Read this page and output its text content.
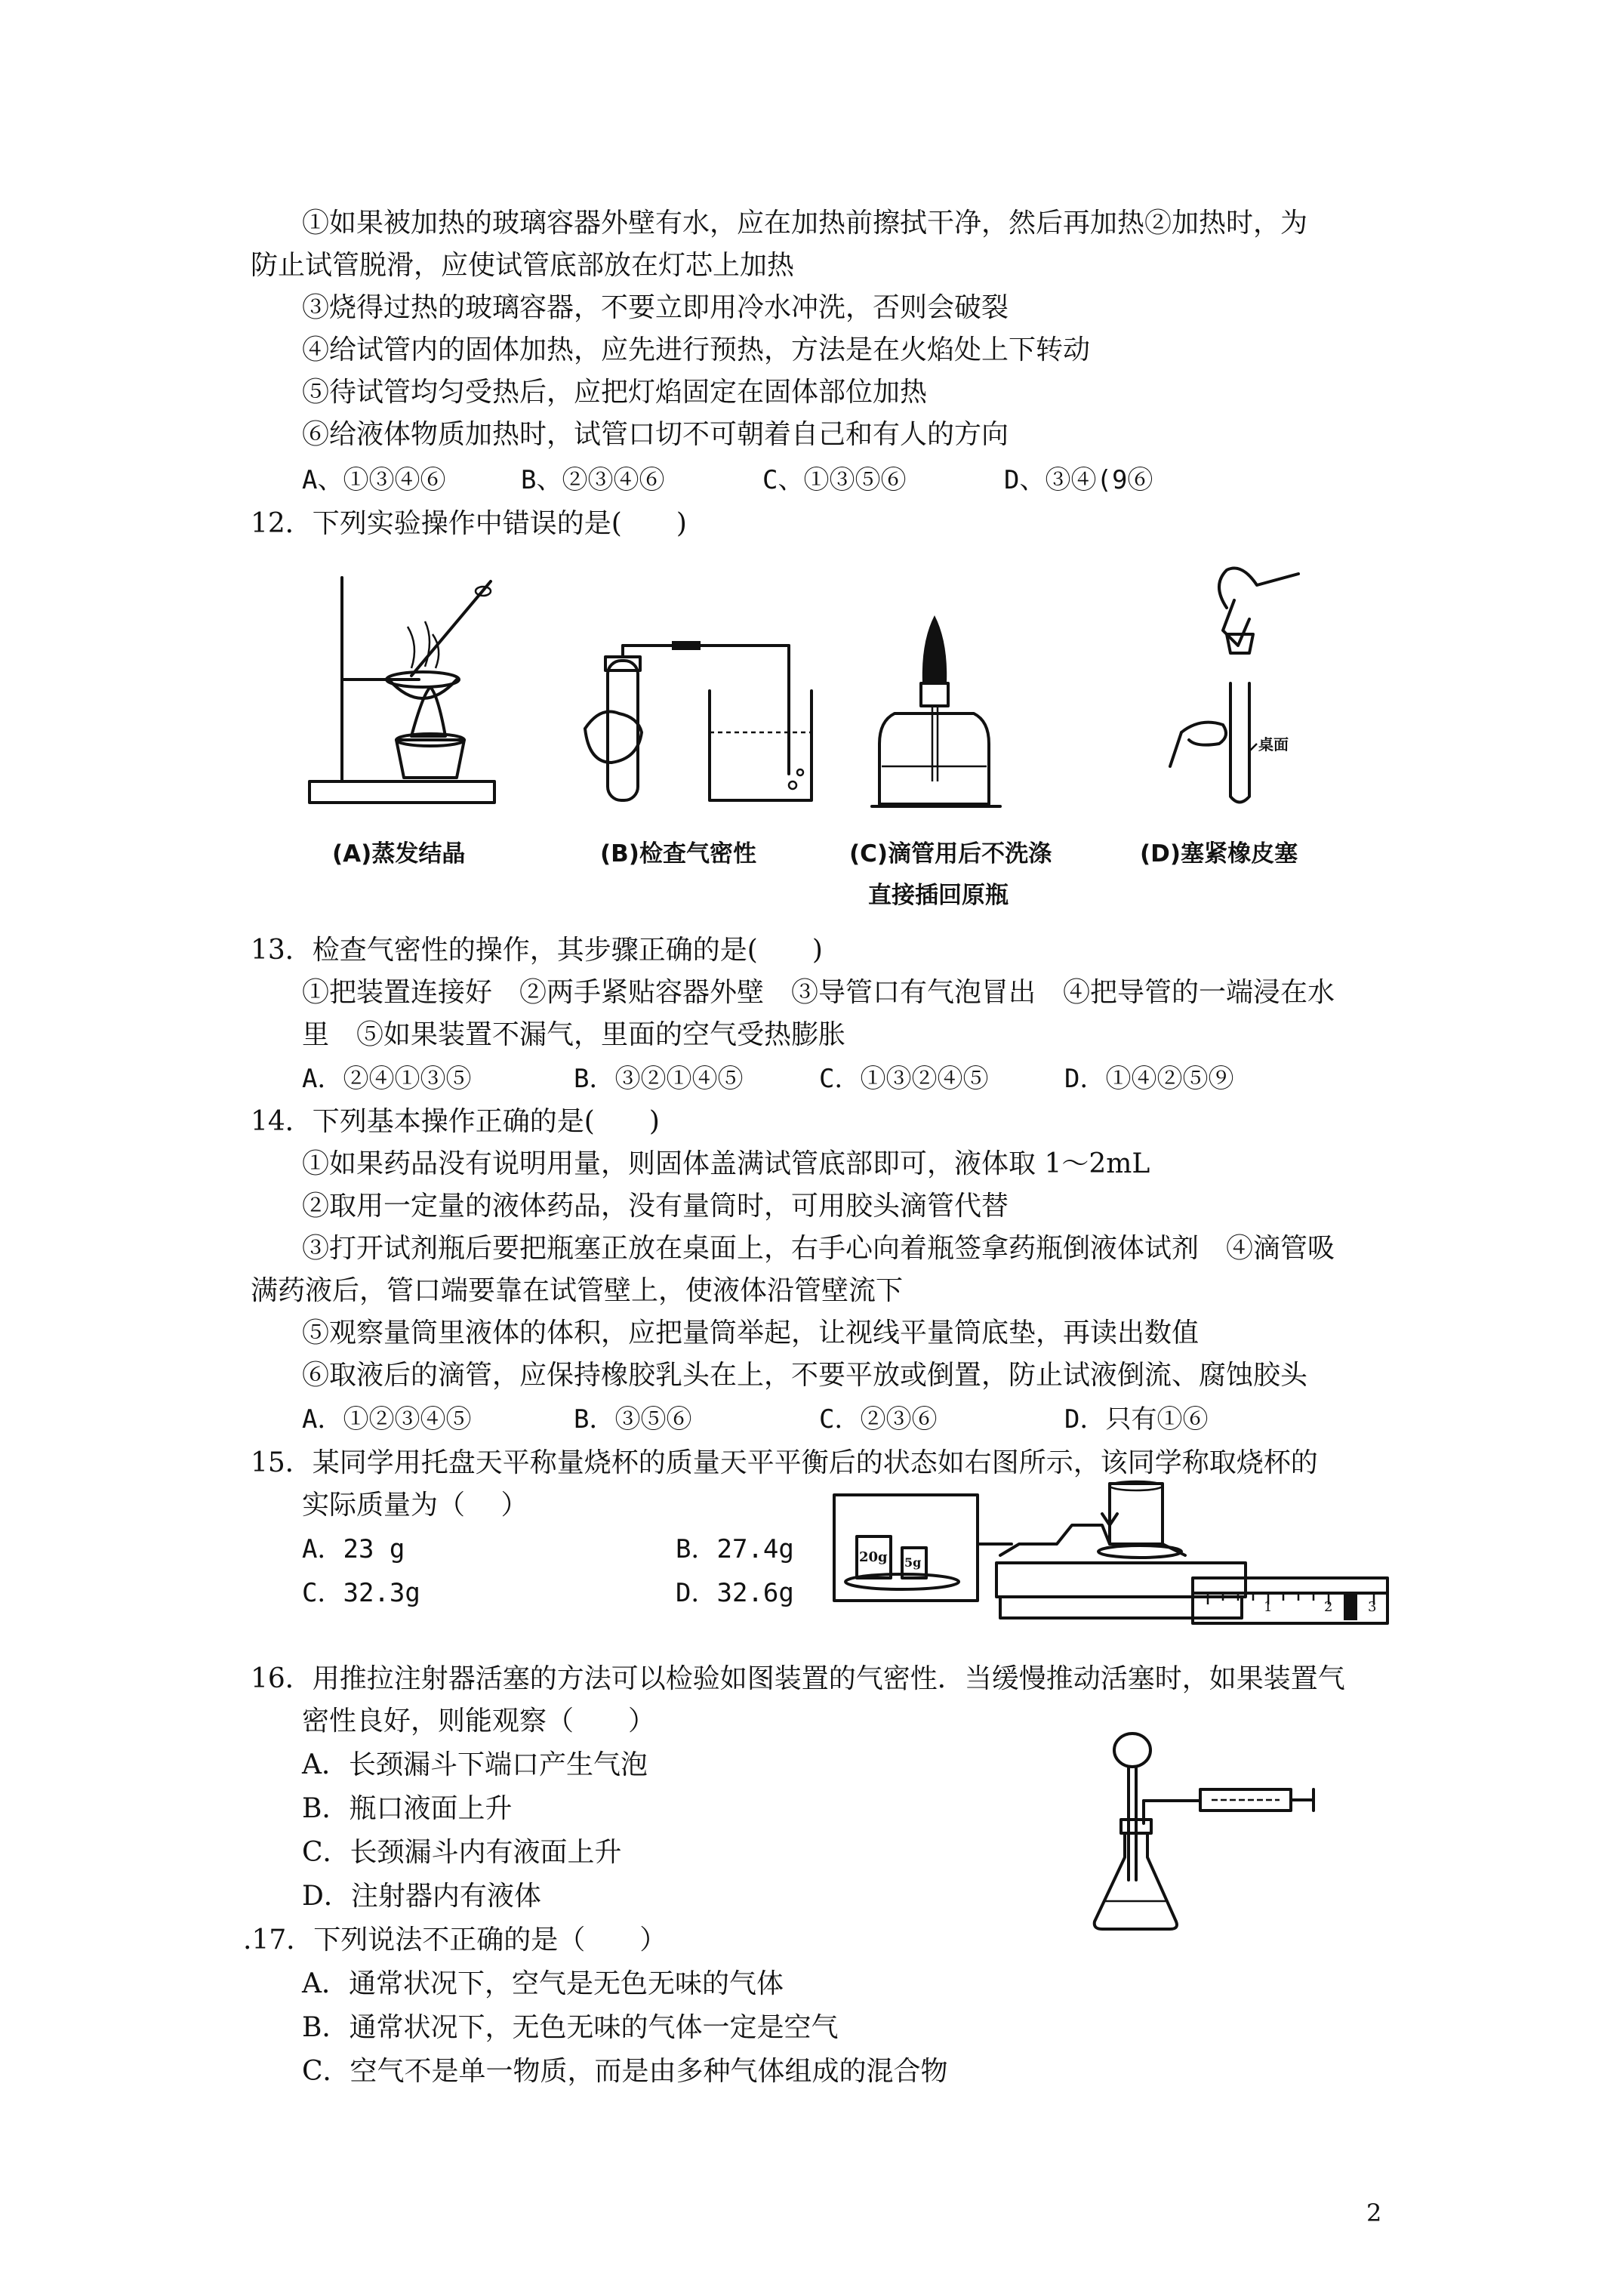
①如果被加热的玻璃容器外壁有水，应在加热前擦拭干净，然后再加热②加热时，为
防止试管脱滑，应使试管底部放在灯芯上加热
③烧得过热的玻璃容器，不要立即用冷水冲洗，否则会破裂
④给试管内的固体加热，应先进行预热，方法是在火焰处上下转动
⑤待试管均匀受热后，应把灯焰固定在固体部位加热
⑥给液体物质加热时，试管口切不可朝着自己和有人的方向
A、①③④⑥	B、②③④⑥	C、①③⑤⑥	D、③④(9⑥
12．下列实验操作中错误的是(　　)
桌面
(A)蒸发结晶	(B)检查气密性	(C)滴管用后不洗涤
直接插回原瓶
(D)塞紧橡皮塞
13．检查气密性的操作，其步骤正确的是(　　)
①把装置连接好　②两手紧贴容器外壁　③导管口有气泡冒出　④把导管的一端浸在水
里　⑤如果装置不漏气，里面的空气受热膨胀
A．②④①③⑤	B．③②①④⑤	C．①③②④⑤	D．①④②⑤⑨
14．下列基本操作正确的是(　　)
①如果药品没有说明用量，则固体盖满试管底部即可，液体取 1～2mL
②取用一定量的液体药品，没有量筒时，可用胶头滴管代替
③打开试剂瓶后要把瓶塞正放在桌面上，右手心向着瓶签拿药瓶倒液体试剂　④滴管吸
满药液后，管口端要靠在试管壁上，使液体沿管壁流下
⑤观察量筒里液体的体积，应把量筒举起，让视线平量筒底垫，再读出数值
⑥取液后的滴管，应保持橡胶乳头在上，不要平放或倒置，防止试液倒流、腐蚀胶头
A．①②③④⑤	B．③⑤⑥	C．②③⑥	D．只有①⑥
15．某同学用托盘天平称量烧杯的质量天平平衡后的状态如右图所示，该同学称取烧杯的
实际质量为（　 ）
A．23 g	B．27.4g
C．32.3g	D．32.6g
20g 5g
1	2	3
16．用推拉注射器活塞的方法可以检验如图装置的气密性．当缓慢推动活塞时，如果装置气
密性良好，则能观察（　　）
A．长颈漏斗下端口产生气泡
B．瓶口液面上升
C．长颈漏斗内有液面上升
D．注射器内有液体
.17．下列说法不正确的是（　　）
A．通常状况下，空气是无色无味的气体
B．通常状况下，无色无味的气体一定是空气
C．空气不是单一物质，而是由多种气体组成的混合物
2
